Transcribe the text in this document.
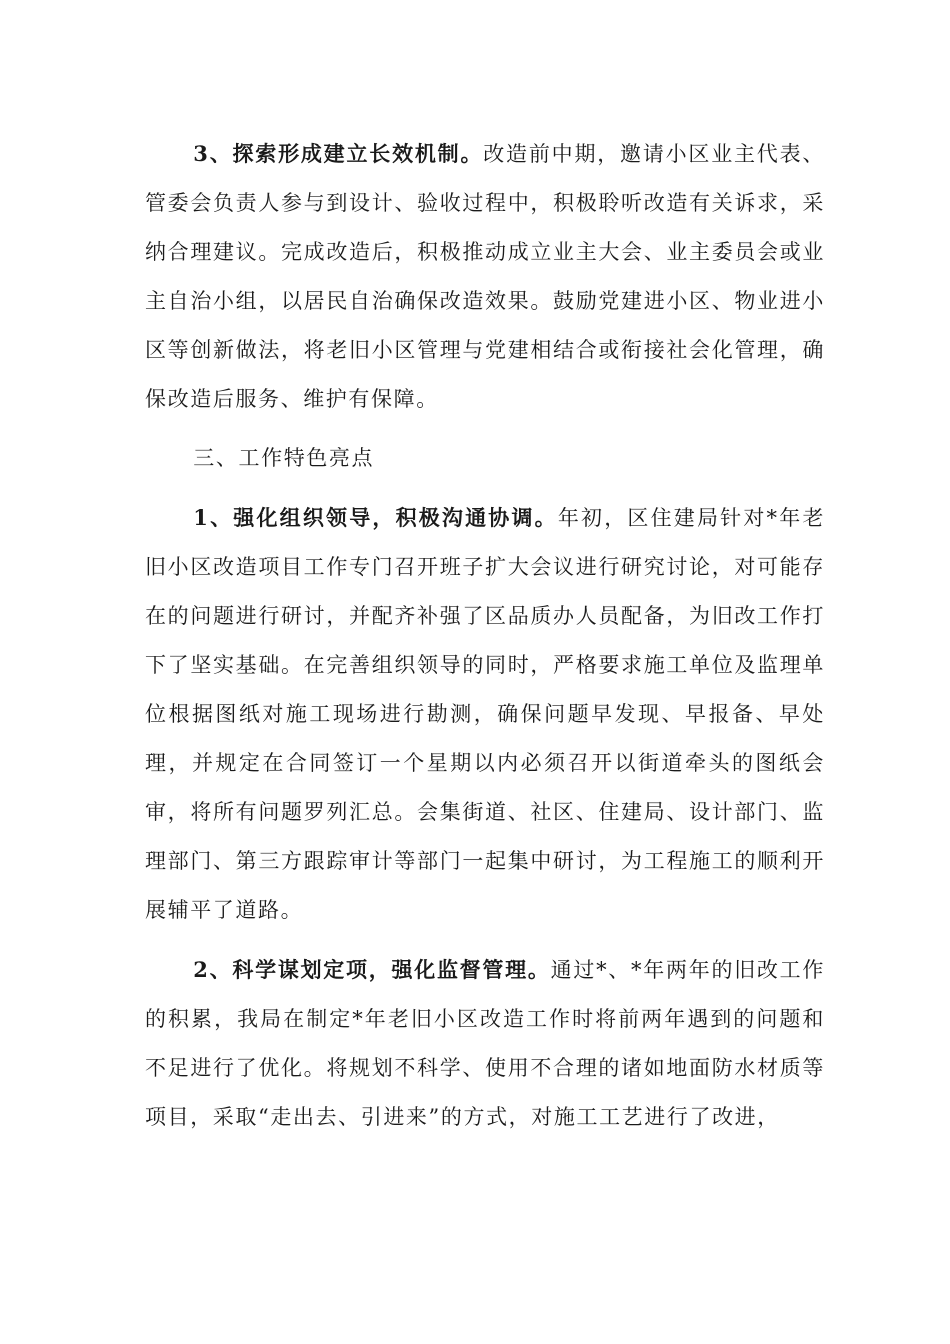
3、探索形成建立长效机制。改造前中期，邀请小区业主代表、管委会负责人参与到设计、验收过程中，积极聆听改造有关诉求，采纳合理建议。完成改造后，积极推动成立业主大会、业主委员会或业主自治小组，以居民自治确保改造效果。鼓励党建进小区、物业进小区等创新做法，将老旧小区管理与党建相结合或衔接社会化管理，确保改造后服务、维护有保障。

三、工作特色亮点

1、强化组织领导，积极沟通协调。年初，区住建局针对*年老旧小区改造项目工作专门召开班子扩大会议进行研究讨论，对可能存在的问题进行研讨，并配齐补强了区品质办人员配备，为旧改工作打下了坚实基础。在完善组织领导的同时，严格要求施工单位及监理单位根据图纸对施工现场进行勘测，确保问题早发现、早报备、早处理，并规定在合同签订一个星期以内必须召开以街道牵头的图纸会审，将所有问题罗列汇总。会集街道、社区、住建局、设计部门、监理部门、第三方跟踪审计等部门一起集中研讨，为工程施工的顺利开展辅平了道路。

2、科学谋划定项，强化监督管理。通过*、*年两年的旧改工作的积累，我局在制定*年老旧小区改造工作时将前两年遇到的问题和不足进行了优化。将规划不科学、使用不合理的诸如地面防水材质等项目，采取“走出去、引进来”的方式，对施工工艺进行了改进，
